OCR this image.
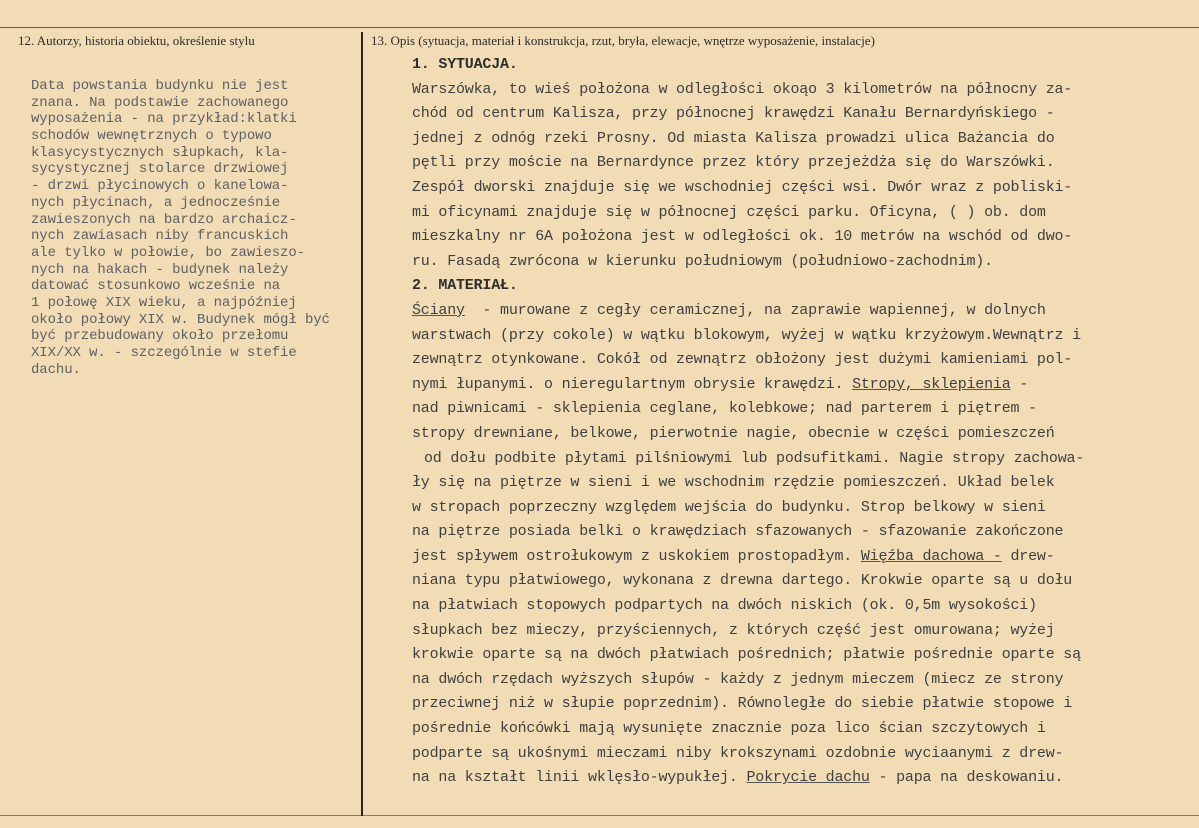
12. Autorzy, historia obiektu, określenie stylu	13. Opis (sytuacja, materiał i konstrukcja, rzut, bryła, elewacje, wnętrze wyposażenie, instalacje)
Data powstania budynku nie jest
znana. Na podstawie zachowanego
wyposażenia - na przykład:klatki
schodów wewnętrznych o typowo
klasycystycznych słupkach, kla-
sycystycznej stolarce drzwiowej
- drzwi płycinowych o kanelowa-
nych płycinach, a jednocześnie
zawieszonych na bardzo archaicz-
nych zawiasach niby francuskich
ale tylko w połowie, bo zawieszo-
nych na hakach - budynek należy
datować stosunkowo wcześnie na
1 połowę XIX wieku, a najpóźniej
około połowy XIX w. Budynek mógł być
być przebudowany około przełomu
XIX/XX w. - szczególnie w stefie
dachu.
1. SYTUACJA.
Warszówka, to wieś położona w odległości okoąo 3 kilometrów na północny za-
chód od centrum Kalisza, przy północnej krawędzi Kanału Bernardyńskiego -
jednej z odnóg rzeki Prosny. Od miasta Kalisza prowadzi ulica Bażancia do
pętli przy moście na Bernardynce przez który przejeżdża się do Warszówki.
Zespół dworski znajduje się we wschodniej części wsi. Dwór wraz z pobliski-
mi oficynami znajduje się w północnej części parku. Oficyna, ( ) ob. dom
mieszkalny nr 6A położona jest w odległości ok. 10 metrów na wschód od dwo-
ru. Fasadą zwrócona w kierunku południowym (południowo-zachodnim).
2. MATERIAŁ.
Ściany  - murowane z cegły ceramicznej, na zaprawie wapiennej, w dolnych
warstwach (przy cokole) w wątku blokowym, wyżej w wątku krzyżowym.Wewnątrz i
zewnątrz otynkowane. Cokół od zewnątrz obłożony jest dużymi kamieniami pol-
nymi łupanymi. o nieregulartnym obrysie krawędzi. Stropy, sklepienia -
nad piwnicami - sklepienia ceglane, kolebkowe; nad parterem i piętrem -
stropy drewniane, belkowe, pierwotnie nagie, obecnie w części pomieszczeń
od dołu podbite płytami pilśniowymi lub podsufitkami. Nagie stropy zachowa-
ły się na piętrze w sieni i we wschodnim rzędzie pomieszczeń. Układ belek
w stropach poprzeczny względem wejścia do budynku. Strop belkowy w sieni
na piętrze posiada belki o krawędziach sfazowanych - sfazowanie zakończone
jest spływem ostrołukowym z uskokiem prostopadłym. Więźba dachowa - drew-
niana typu płatwiowego, wykonana z drewna dartego. Krokwie oparte są u dołu
na płatwiach stopowych podpartych na dwóch niskich (ok. 0,5m wysokości)
słupkach bez mieczy, przyściennych, z których część jest omurowana; wyżej
krokwie oparte są na dwóch płatwiach pośrednich; płatwie pośrednie oparte są
na dwóch rzędach wyższych słupów - każdy z jednym mieczem (miecz ze strony
przeciwnej niż w słupie poprzednim). Równoległe do siebie płatwie stopowe i
pośrednie końcówki mają wysunięte znacznie poza lico ścian szczytowych i
podparte są ukośnymi mieczami niby krokszynami ozdobnie wyciaanymi z drew-
na na kształt linii wklęsło-wypukłej. Pokrycie dachu - papa na deskowaniu.
